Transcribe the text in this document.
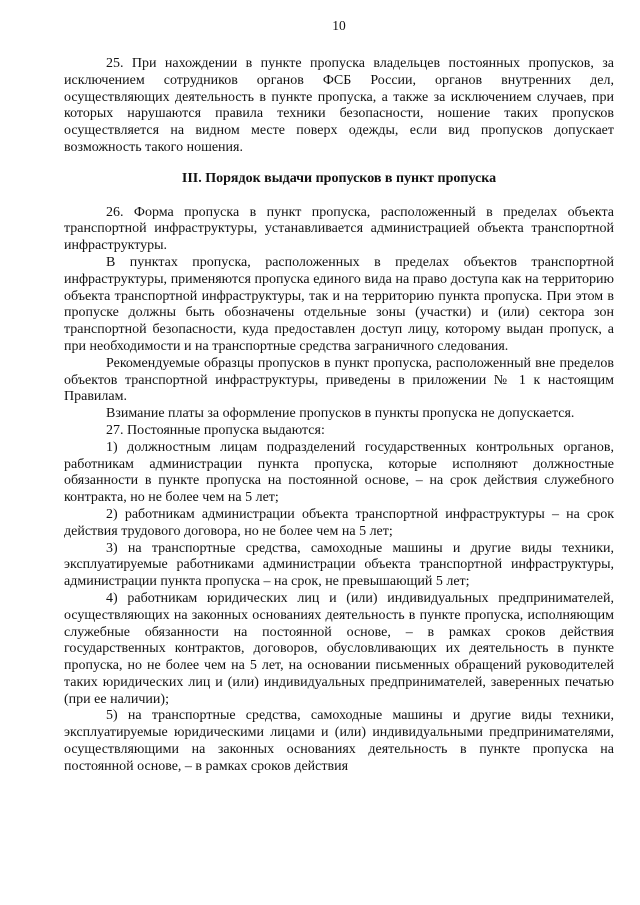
10

25. При нахождении в пункте пропуска владельцев постоянных пропусков, за исключением сотрудников органов ФСБ России, органов внутренних дел, осуществляющих деятельность в пункте пропуска, а также за исключением случаев, при которых нарушаются правила техники безопасности, ношение таких пропусков осуществляется на видном месте поверх одежды, если вид пропусков допускает возможность такого ношения.

III. Порядок выдачи пропусков в пункт пропуска

26. Форма пропуска в пункт пропуска, расположенный в пределах объекта транспортной инфраструктуры, устанавливается администрацией объекта транспортной инфраструктуры.

В пунктах пропуска, расположенных в пределах объектов транспортной инфраструктуры, применяются пропуска единого вида на право доступа как на территорию объекта транспортной инфраструктуры, так и на территорию пункта пропуска. При этом в пропуске должны быть обозначены отдельные зоны (участки) и (или) сектора зон транспортной безопасности, куда предоставлен доступ лицу, которому выдан пропуск, а при необходимости и на транспортные средства заграничного следования.

Рекомендуемые образцы пропусков в пункт пропуска, расположенный вне пределов объектов транспортной инфраструктуры, приведены в приложении № 1 к настоящим Правилам.

Взимание платы за оформление пропусков в пункты пропуска не допускается.

27. Постоянные пропуска выдаются:

1) должностным лицам подразделений государственных контрольных органов, работникам администрации пункта пропуска, которые исполняют должностные обязанности в пункте пропуска на постоянной основе, – на срок действия служебного контракта, но не более чем на 5 лет;

2) работникам администрации объекта транспортной инфраструктуры – на срок действия трудового договора, но не более чем на 5 лет;

3) на транспортные средства, самоходные машины и другие виды техники, эксплуатируемые работниками администрации объекта транспортной инфраструктуры, администрации пункта пропуска – на срок, не превышающий 5 лет;

4) работникам юридических лиц и (или) индивидуальных предпринимателей, осуществляющих на законных основаниях деятельность в пункте пропуска, исполняющим служебные обязанности на постоянной основе, – в рамках сроков действия государственных контрактов, договоров, обусловливающих их деятельность в пункте пропуска, но не более чем на 5 лет, на основании письменных обращений руководителей таких юридических лиц и (или) индивидуальных предпринимателей, заверенных печатью (при ее наличии);

5) на транспортные средства, самоходные машины и другие виды техники, эксплуатируемые юридическими лицами и (или) индивидуальными предпринимателями, осуществляющими на законных основаниях деятельность в пункте пропуска на постоянной основе, – в рамках сроков действия
